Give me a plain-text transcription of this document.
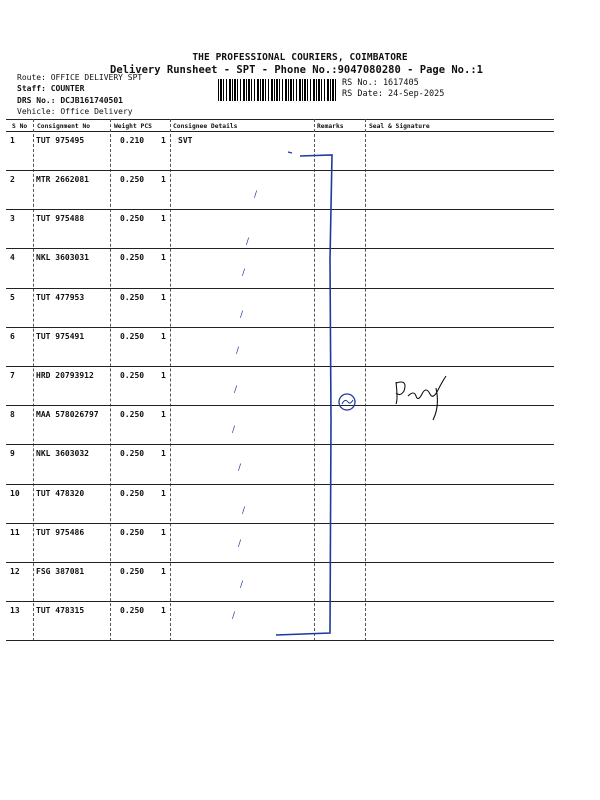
THE PROFESSIONAL COURIERS, COIMBATORE
Delivery Runsheet - SPT - Phone No.:9047080280 - Page No.:1
Route: OFFICE DELIVERY SPT
Staff: COUNTER
DRS No.: DCJB161740501
Vehicle: Office Delivery
RS No.: 1617405
RS Date: 24-Sep-2025
S No Consignment No	Weight PCS	Consignee Details	Remarks	Seal & Signature
1	TUT 975495	0.210 1 SVT
2	MTR 2662081	0.250 1
3	TUT 975488	0.250 1
4	NKL 3603031	0.250 1
5	TUT 477953	0.250 1
6	TUT 975491	0.250 1
7	HRD 20793912	0.250 1
8	MAA 578026797	0.250 1
9	NKL 3603032	0.250 1
10 TUT 478320	0.250 1
11 TUT 975486	0.250 1
12 FSG 387081	0.250 1
13 TUT 478315	0.250 1
∕
∕
∕
∕
∕
∕
∕
∕
∕
∕
∕
∕
